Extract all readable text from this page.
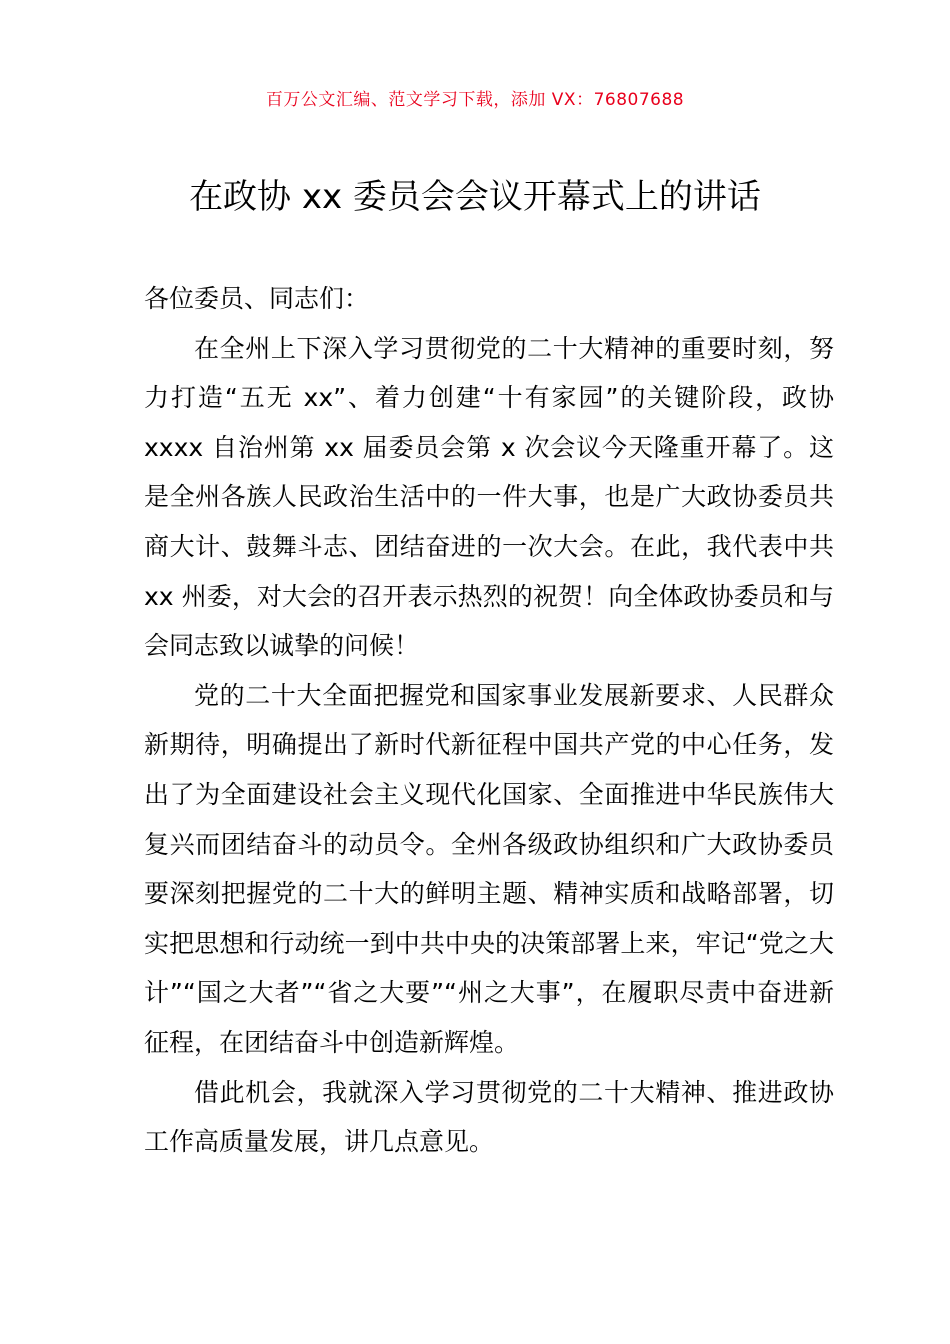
百万公文汇编、范文学习下载，添加 VX：76807688
在政协 xx 委员会会议开幕式上的讲话

各位委员、同志们：

在全州上下深入学习贯彻党的二十大精神的重要时刻，努力打造“五无 xx”、着力创建“十有家园”的关键阶段，政协 xxxx 自治州第 xx 届委员会第 x 次会议今天隆重开幕了。这是全州各族人民政治生活中的一件大事，也是广大政协委员共商大计、鼓舞斗志、团结奋进的一次大会。在此，我代表中共 xx 州委，对大会的召开表示热烈的祝贺！向全体政协委员和与会同志致以诚挚的问候！

党的二十大全面把握党和国家事业发展新要求、人民群众新期待，明确提出了新时代新征程中国共产党的中心任务，发出了为全面建设社会主义现代化国家、全面推进中华民族伟大复兴而团结奋斗的动员令。全州各级政协组织和广大政协委员要深刻把握党的二十大的鲜明主题、精神实质和战略部署，切实把思想和行动统一到中共中央的决策部署上来，牢记“党之大计”“国之大者”“省之大要”“州之大事”，在履职尽责中奋进新征程，在团结奋斗中创造新辉煌。

借此机会，我就深入学习贯彻党的二十大精神、推进政协工作高质量发展，讲几点意见。
